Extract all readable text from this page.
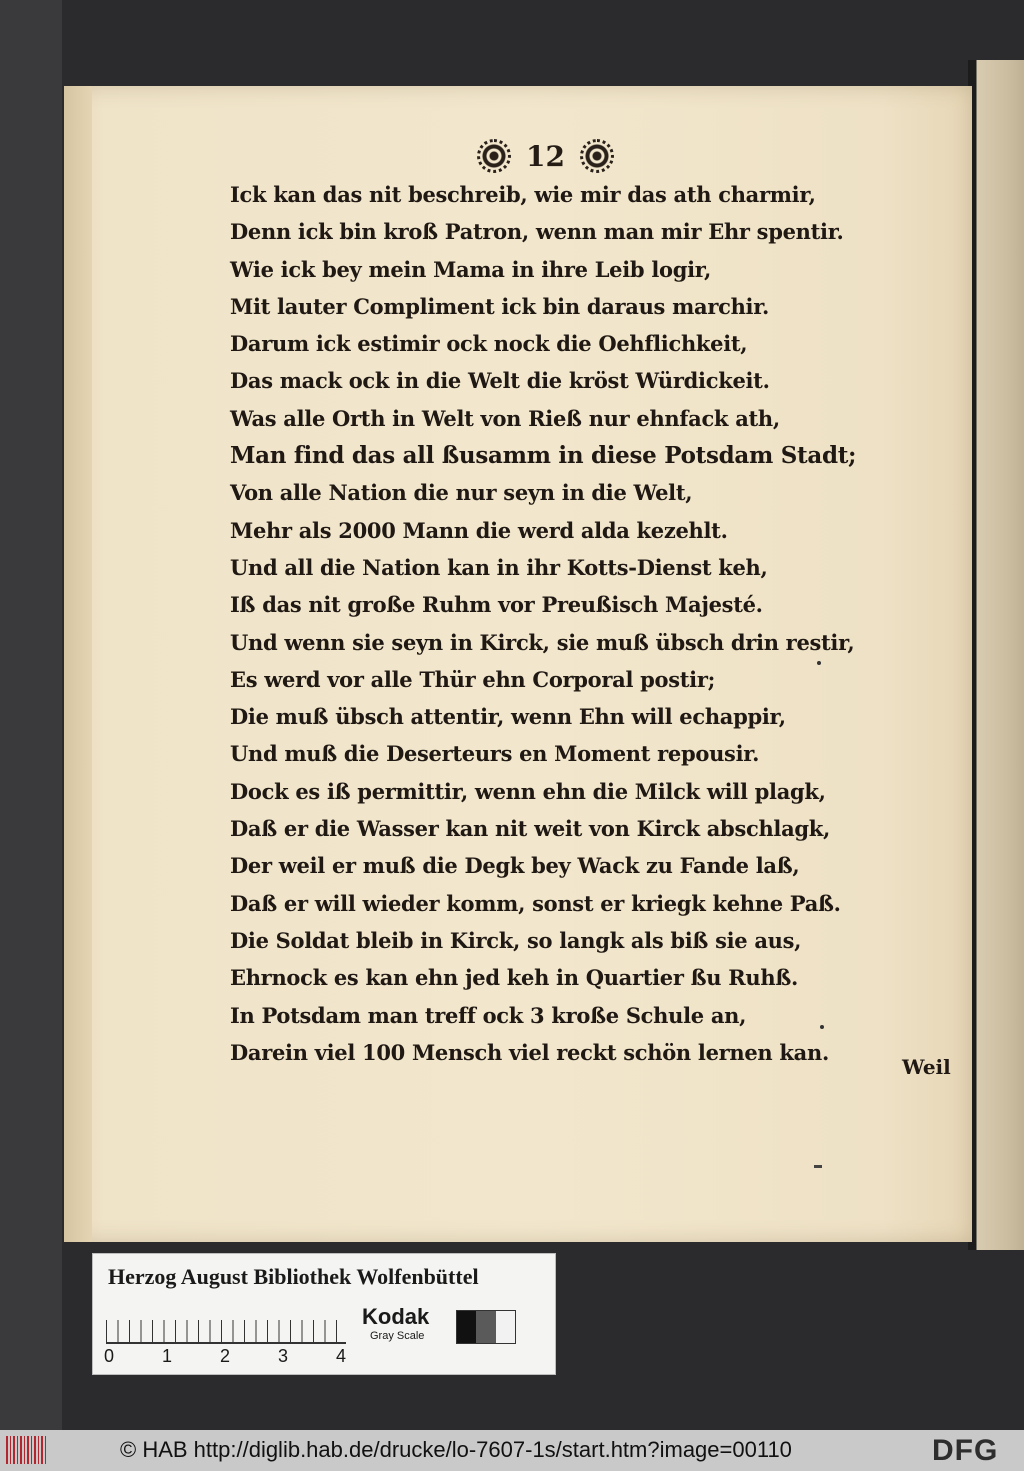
12
Ick kan das nit beschreib, wie mir das ath charmir,
Denn ick bin kroß Patron, wenn man mir Ehr spentir.
Wie ick bey mein Mama in ihre Leib logir,
Mit lauter Compliment ick bin daraus marchir.
Darum ick estimir ock nock die Oehflichkeit,
Das mack ock in die Welt die kröst Würdickeit.
Was alle Orth in Welt von Rieß nur ehnfack ath,
Man find das all ßusamm in diese Potsdam Stadt;
Von alle Nation die nur seyn in die Welt,
Mehr als 2000 Mann die werd alda kezehlt.
Und all die Nation kan in ihr Kotts-Dienst keh,
Iß das nit große Ruhm vor Preußisch Majesté.
Und wenn sie seyn in Kirck, sie muß übsch drin restir,
Es werd vor alle Thür ehn Corporal postir;
Die muß übsch attentir, wenn Ehn will echappir,
Und muß die Deserteurs en Moment repousir.
Dock es iß permittir, wenn ehn die Milck will plagk,
Daß er die Wasser kan nit weit von Kirck abschlagk,
Der weil er muß die Degk bey Wack zu Fande laß,
Daß er will wieder komm, sonst er kriegk kehne Paß.
Die Soldat bleib in Kirck, so langk als biß sie aus,
Ehrnock es kan ehn jed keh in Quartier ßu Ruhß.
In Potsdam man treff ock 3 kroße Schule an,
Darein viel 100 Mensch viel reckt schön lernen kan.
Weil
Herzog August Bibliothek Wolfenbüttel
0	1	2	3	4
Kodak
Gray Scale
© HAB http://diglib.hab.de/drucke/lo-7607-1s/start.htm?image=00110	DFG
